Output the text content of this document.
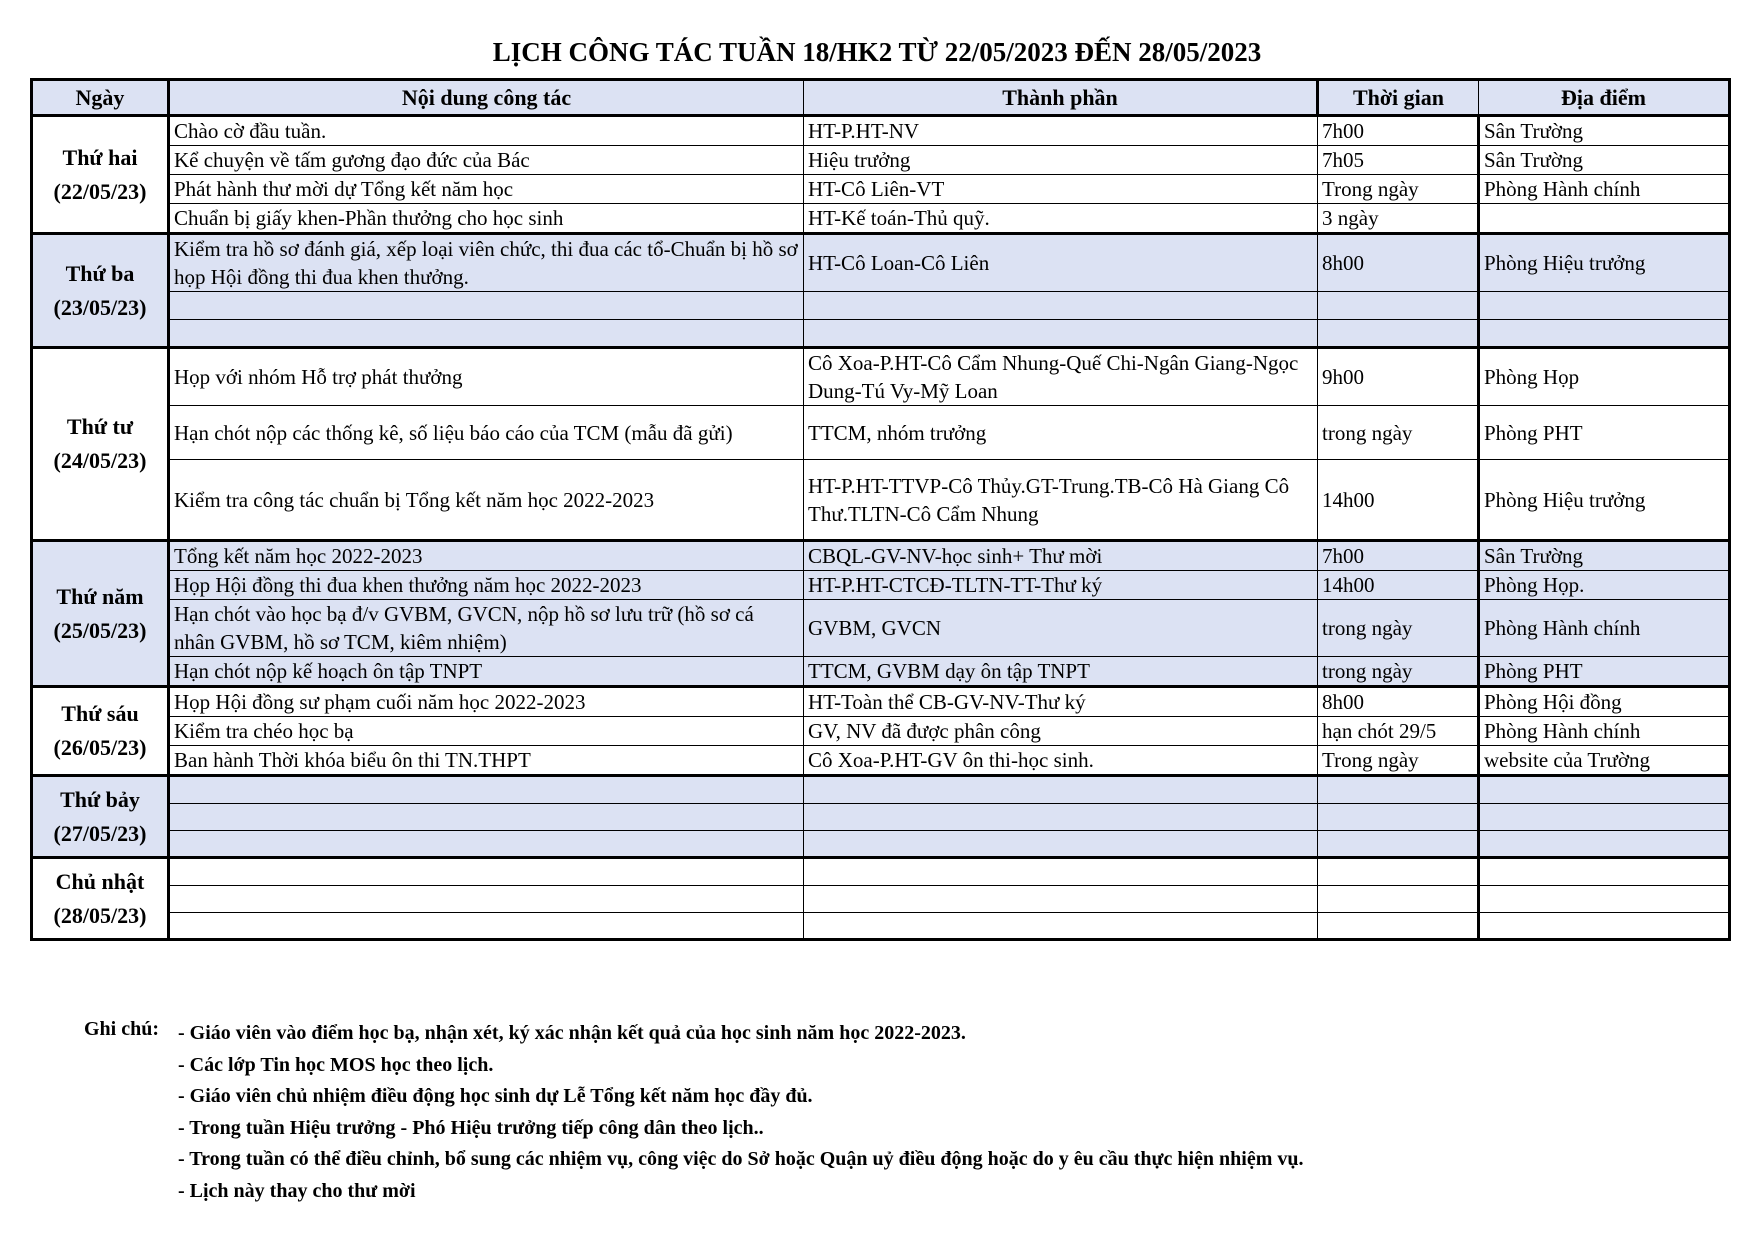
LỊCH CÔNG TÁC TUẦN 18/HK2 TỪ 22/05/2023 ĐẾN 28/05/2023
Ngày	Nội dung công tác	Thành phần	Thời gian	Địa điểm

Thứ hai
(22/05/23)	Chào cờ đầu tuần.	HT-P.HT-NV	7h00	Sân Trường
	Kể chuyện về tấm gương đạo đức của Bác	Hiệu trưởng	7h05	Sân Trường
	Phát hành thư mời dự Tổng kết năm học	HT-Cô Liên-VT	Trong ngày	Phòng Hành chính
	Chuẩn bị giấy khen-Phần thưởng cho học sinh	HT-Kế toán-Thủ quỹ.	3 ngày	

Thứ ba
(23/05/23)	Kiểm tra hồ sơ đánh giá, xếp loại viên chức, thi đua các tổ-Chuẩn bị hồ sơ họp Hội đồng thi đua khen thưởng.	HT-Cô Loan-Cô Liên	8h00	Phòng Hiệu trưởng

Thứ tư
(24/05/23)	Họp với nhóm Hỗ trợ phát thưởng	Cô Xoa-P.HT-Cô Cẩm Nhung-Quế Chi-Ngân Giang-Ngọc Dung-Tú Vy-Mỹ Loan	9h00	Phòng Họp
	Hạn chót nộp các thống kê, số liệu báo cáo của TCM (mẫu đã gửi)	TTCM, nhóm trưởng	trong ngày	Phòng PHT
	Kiểm tra công tác chuẩn bị Tổng kết năm học 2022-2023	HT-P.HT-TTVP-Cô Thủy.GT-Trung.TB-Cô Hà Giang Cô Thư.TLTN-Cô Cẩm Nhung	14h00	Phòng Hiệu trưởng

Thứ năm
(25/05/23)	Tổng kết năm học 2022-2023	CBQL-GV-NV-học sinh+ Thư mời	7h00	Sân Trường
	Họp Hội đồng thi đua khen thưởng năm học 2022-2023	HT-P.HT-CTCĐ-TLTN-TT-Thư ký	14h00	Phòng Họp.
	Hạn chót vào học bạ đ/v GVBM, GVCN, nộp hồ sơ lưu trữ (hồ sơ cá nhân GVBM, hồ sơ TCM, kiêm nhiệm)	GVBM, GVCN	trong ngày	Phòng Hành chính
	Hạn chót nộp kế hoạch ôn tập TNPT	TTCM, GVBM dạy ôn tập TNPT	trong ngày	Phòng PHT

Thứ sáu
(26/05/23)	Họp Hội đồng sư phạm cuối năm học 2022-2023	HT-Toàn thể CB-GV-NV-Thư ký	8h00	Phòng Hội đồng
	Kiểm tra chéo học bạ	GV, NV đã được phân công	hạn chót 29/5	Phòng Hành chính
	Ban hành Thời khóa biểu ôn thi TN.THPT	Cô Xoa-P.HT-GV ôn thi-học sinh.	Trong ngày	website của Trường

Thứ bảy
(27/05/23)				

Chủ nhật
(28/05/23)				

Ghi chú: - Giáo viên vào điểm học bạ, nhận xét, ký xác nhận kết quả của học sinh năm học 2022-2023.
- Các lớp Tin học MOS học theo lịch.
- Giáo viên chủ nhiệm điều động học sinh dự Lễ Tổng kết năm học đầy đủ.
- Trong tuần Hiệu trưởng - Phó Hiệu trưởng tiếp công dân theo lịch..
- Trong tuần có thể điều chỉnh, bổ sung các nhiệm vụ, công việc do Sở hoặc Quận uỷ điều động hoặc do y êu cầu thực hiện nhiệm vụ.
- Lịch này thay cho thư mời
